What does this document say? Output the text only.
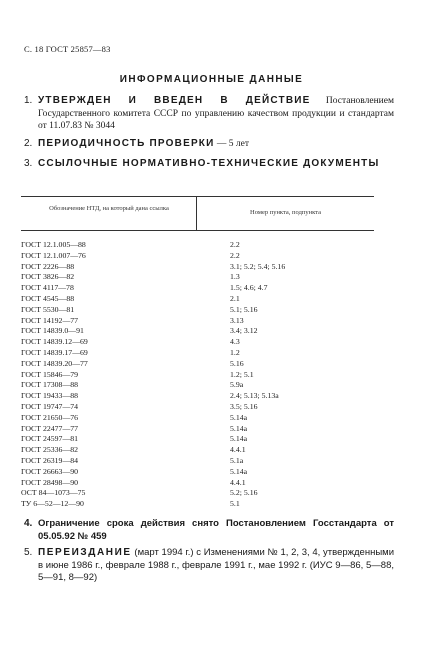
С. 18 ГОСТ 25857—83
ИНФОРМАЦИОННЫЕ ДАННЫЕ
1. УТВЕРЖДЕН И ВВЕДЕН В ДЕЙСТВИЕ Постановлением Государственного комитета СССР по управлению качеством продукции и стандартам от 11.07.83 № 3044
2. ПЕРИОДИЧНОСТЬ ПРОВЕРКИ — 5 лет
3. ССЫЛОЧНЫЕ НОРМАТИВНО-ТЕХНИЧЕСКИЕ ДОКУМЕНТЫ
Обозначение НТД, на который дана ссылка
Номер пункта, подпункта
ГОСТ 12.1.005—88	2.2
ГОСТ 12.1.007—76	2.2
ГОСТ 2226—88	3.1; 5.2; 5.4; 5.16
ГОСТ 3826—82	1.3
ГОСТ 4117—78	1.5; 4.6; 4.7
ГОСТ 4545—88	2.1
ГОСТ 5530—81	5.1; 5.16
ГОСТ 14192—77	3.13
ГОСТ 14839.0—91	3.4; 3.12
ГОСТ 14839.12—69	4.3
ГОСТ 14839.17—69	1.2
ГОСТ 14839.20—77	5.16
ГОСТ 15846—79	1.2; 5.1
ГОСТ 17308—88	5.9а
ГОСТ 19433—88	2.4; 5.13; 5.13а
ГОСТ 19747—74	3.5; 5.16
ГОСТ 21650—76	5.14а
ГОСТ 22477—77	5.14а
ГОСТ 24597—81	5.14а
ГОСТ 25336—82	4.4.1
ГОСТ 26319—84	5.1а
ГОСТ 26663—90	5.14а
ГОСТ 28498—90	4.4.1
ОСТ 84—1073—75	5.2; 5.16
ТУ 6—52—12—90	5.1
4. Ограничение срока действия снято Постановлением Госстандарта от 05.05.92 № 459
5. ПЕРЕИЗДАНИЕ (март 1994 г.) с Изменениями № 1, 2, 3, 4, утвержденными в июне 1986 г., феврале 1988 г., феврале 1991 г., мае 1992 г. (ИУС 9—86, 5—88, 5—91, 8—92)
